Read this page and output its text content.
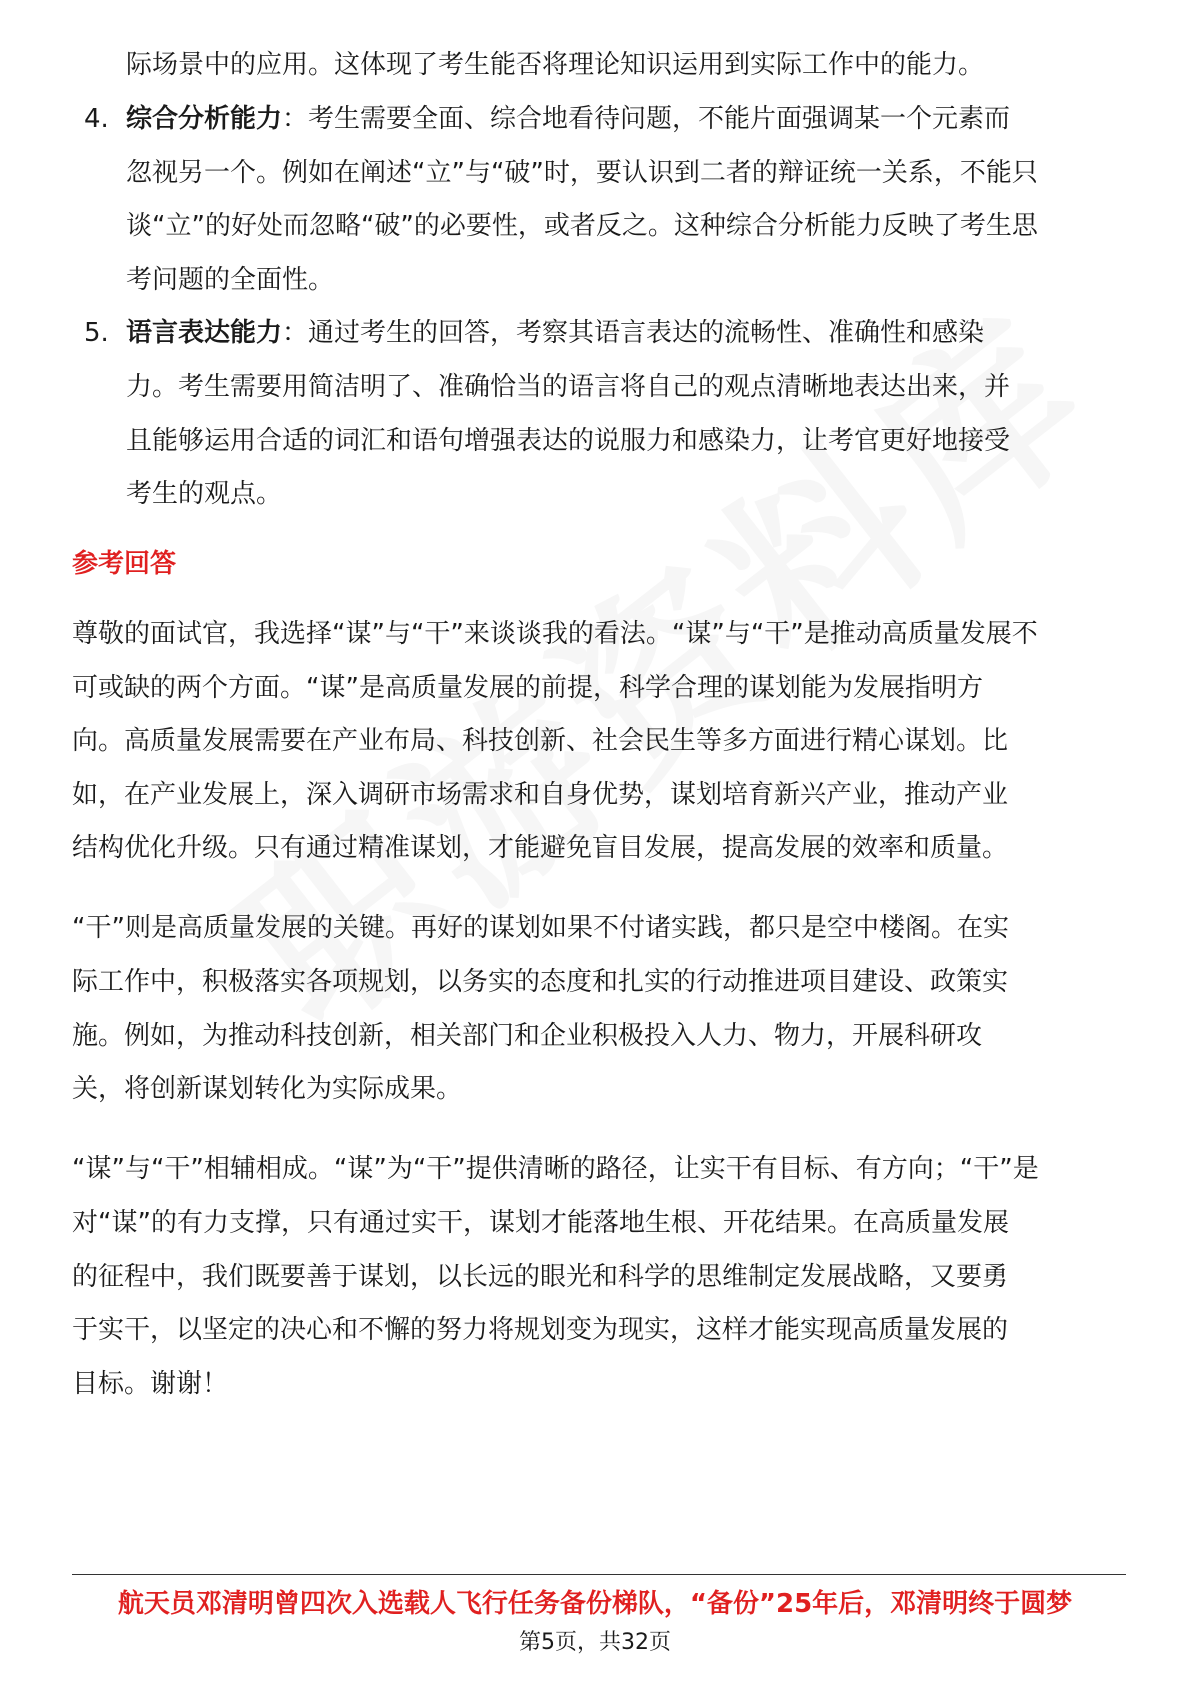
际场景中的应用。这体现了考生能否将理论知识运用到实际工作中的能力。
4. 综合分析能力：考生需要全面、综合地看待问题，不能片面强调某一个元素而
忽视另一个。例如在阐述“立”与“破”时，要认识到二者的辩证统一关系，不能只
谈“立”的好处而忽略“破”的必要性，或者反之。这种综合分析能力反映了考生思
考问题的全面性。
5. 语言表达能力：通过考生的回答，考察其语言表达的流畅性、准确性和感染
力。考生需要用简洁明了、准确恰当的语言将自己的观点清晰地表达出来，并
且能够运用合适的词汇和语句增强表达的说服力和感染力，让考官更好地接受
考生的观点。
参考回答
尊敬的面试官，我选择“谋”与“干”来谈谈我的看法。“谋”与“干”是推动高质量发展不
可或缺的两个方面。“谋”是高质量发展的前提，科学合理的谋划能为发展指明方
向。高质量发展需要在产业布局、科技创新、社会民生等多方面进行精心谋划。比
如，在产业发展上，深入调研市场需求和自身优势，谋划培育新兴产业，推动产业
结构优化升级。只有通过精准谋划，才能避免盲目发展，提高发展的效率和质量。
“干”则是高质量发展的关键。再好的谋划如果不付诸实践，都只是空中楼阁。在实
际工作中，积极落实各项规划，以务实的态度和扎实的行动推进项目建设、政策实
施。例如，为推动科技创新，相关部门和企业积极投入人力、物力，开展科研攻
关，将创新谋划转化为实际成果。
“谋”与“干”相辅相成。“谋”为“干”提供清晰的路径，让实干有目标、有方向；“干”是
对“谋”的有力支撑，只有通过实干，谋划才能落地生根、开花结果。在高质量发展
的征程中，我们既要善于谋划，以长远的眼光和科学的思维制定发展战略，又要勇
于实干，以坚定的决心和不懈的努力将规划变为现实，这样才能实现高质量发展的
目标。谢谢！
航天员邓清明曾四次入选载人飞行任务备份梯队，“备份”25年后，邓清明终于圆梦
第5页，共32页
